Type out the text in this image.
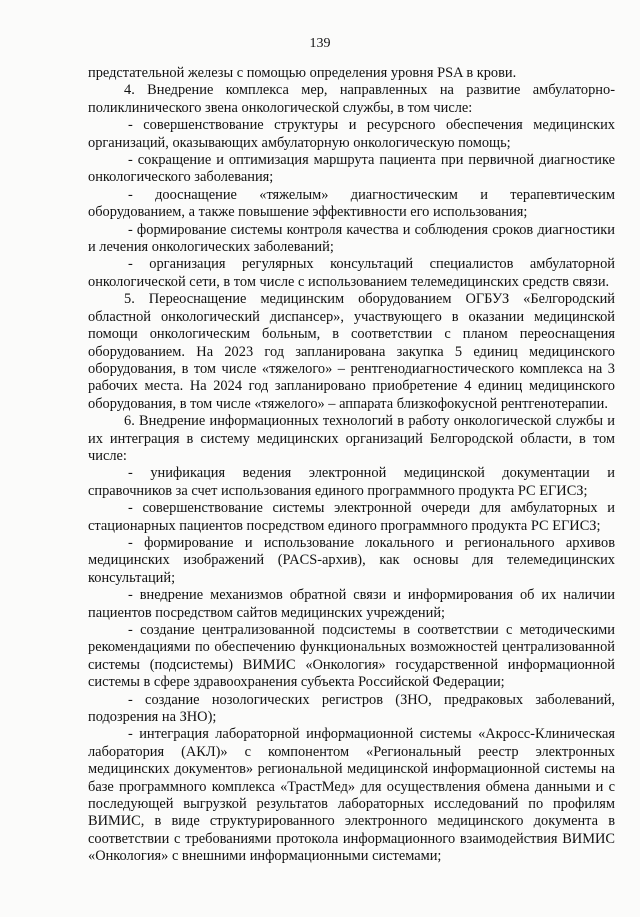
139

предстательной железы с помощью определения уровня PSA в крови.

4. Внедрение комплекса мер, направленных на развитие амбулаторно-поликлинического звена онкологической службы, в том числе:

- совершенствование структуры и ресурсного обеспечения медицинских организаций, оказывающих амбулаторную онкологическую помощь;

- сокращение и оптимизация маршрута пациента при первичной диагностике онкологического заболевания;

- дооснащение «тяжелым» диагностическим и терапевтическим оборудованием, а также повышение эффективности его использования;

- формирование системы контроля качества и соблюдения сроков диагностики и лечения онкологических заболеваний;

- организация регулярных консультаций специалистов амбулаторной онкологической сети, в том числе с использованием телемедицинских средств связи.

5. Переоснащение медицинским оборудованием ОГБУЗ «Белгородский областной онкологический диспансер», участвующего в оказании медицинской помощи онкологическим больным, в соответствии с планом переоснащения оборудованием. На 2023 год запланирована закупка 5 единиц медицинского оборудования, в том числе «тяжелого» – рентгенодиагностического комплекса на 3 рабочих места. На 2024 год запланировано приобретение 4 единиц медицинского оборудования, в том числе «тяжелого» – аппарата близкофокусной рентгенотерапии.

6. Внедрение информационных технологий в работу онкологической службы и их интеграция в систему медицинских организаций Белгородской области, в том числе:

- унификация ведения электронной медицинской документации и справочников за счет использования единого программного продукта РС ЕГИСЗ;

- совершенствование системы электронной очереди для амбулаторных и стационарных пациентов посредством единого программного продукта РС ЕГИСЗ;

- формирование и использование локального и регионального архивов медицинских изображений (PACS-архив), как основы для телемедицинских консультаций;

- внедрение механизмов обратной связи и информирования об их наличии пациентов посредством сайтов медицинских учреждений;

- создание централизованной подсистемы в соответствии с методическими рекомендациями по обеспечению функциональных возможностей централизованной системы (подсистемы) ВИМИС «Онкология» государственной информационной системы в сфере здравоохранения субъекта Российской Федерации;

- создание нозологических регистров (ЗНО, предраковых заболеваний, подозрения на ЗНО);

- интеграция лабораторной информационной системы «Акросс-Клиническая лаборатория (АКЛ)» с компонентом «Региональный реестр электронных медицинских документов» региональной медицинской информационной системы на базе программного комплекса «ТрастМед» для осуществления обмена данными и с последующей выгрузкой результатов лабораторных исследований по профилям ВИМИС, в виде структурированного электронного медицинского документа в соответствии с требованиями протокола информационного взаимодействия ВИМИС «Онкология» с внешними информационными системами;
